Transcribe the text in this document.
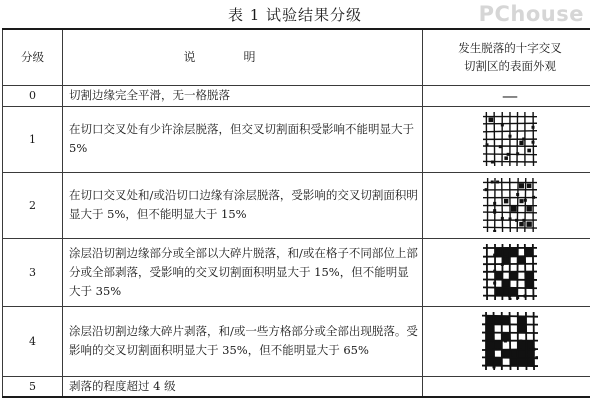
PChouse
表 1 试验结果分级
分级	说明	发生脱落的十字交叉
切割区的表面外观

0	切割边缘完全平滑，无一格脱落	—
1	在切口交叉处有少许涂层脱落，但交叉切割面积受影响不能明显大于 5%

2	在切口交叉处和/或沿切口边缘有涂层脱落，受影响的交叉切割面积明显大于 5%，但不能明显大于 15%

3	涂层沿切割边缘部分或全部以大碎片脱落，和/或在格子不同部位上部分或全部剥落，受影响的交叉切割面积明显大于 15%，但不能明显大于 35%

4	涂层沿切割边缘大碎片剥落，和/或一些方格部分或全部出现脱落。受影响的交叉切割面积明显大于 35%，但不能明显大于 65%

5	剥落的程度超过 4 级	
